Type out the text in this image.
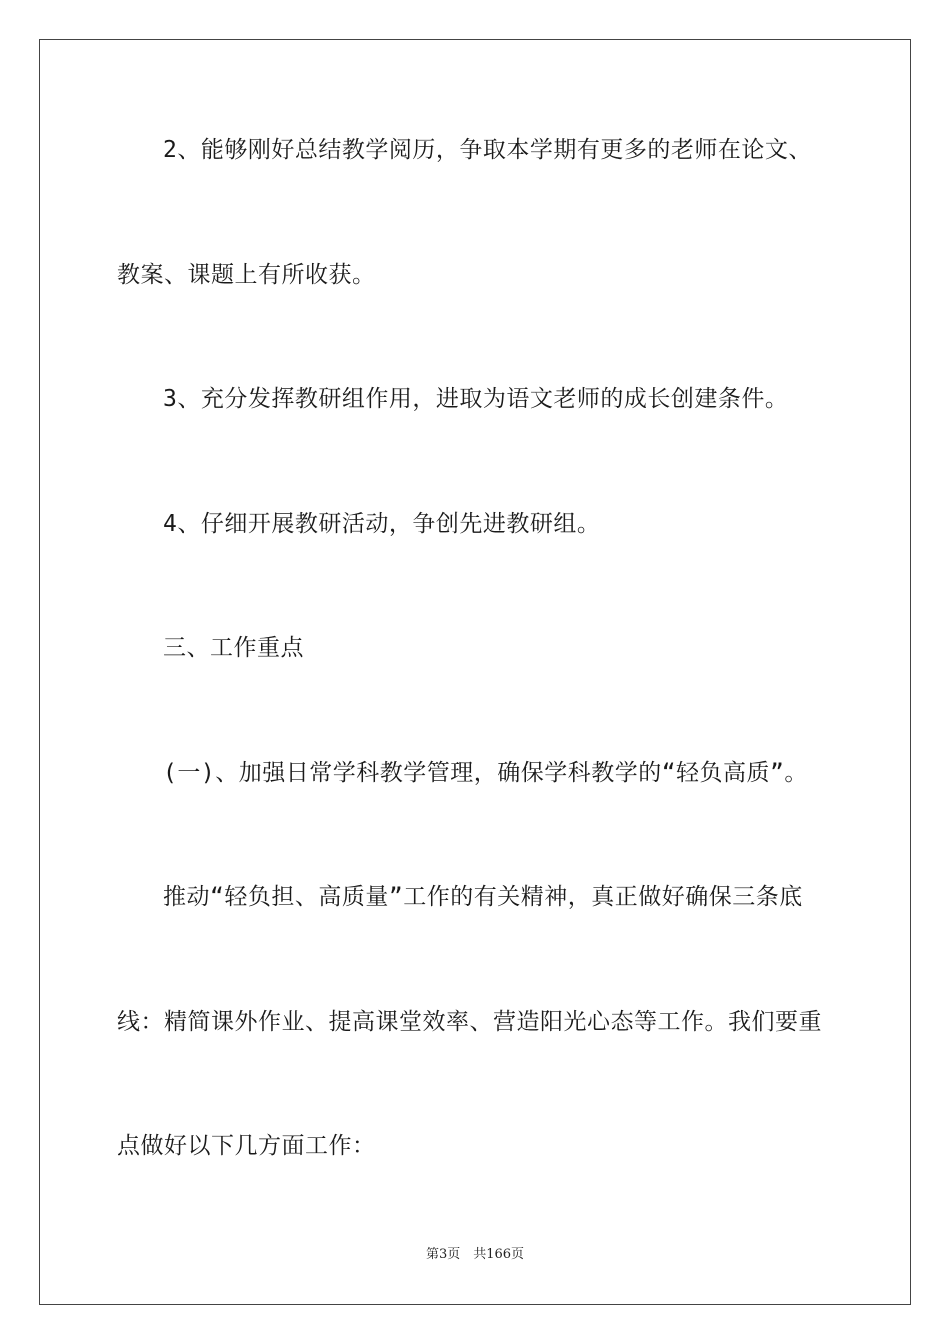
2、能够刚好总结教学阅历，争取本学期有更多的老师在论文、
教案、课题上有所收获。
3、充分发挥教研组作用，进取为语文老师的成长创建条件。
4、仔细开展教研活动，争创先进教研组。
三、工作重点
(一)、加强日常学科教学管理，确保学科教学的“轻负高质”。
推动“轻负担、高质量”工作的有关精神，真正做好确保三条底
线：精简课外作业、提高课堂效率、营造阳光心态等工作。我们要重
点做好以下几方面工作：
第3页　共166页
